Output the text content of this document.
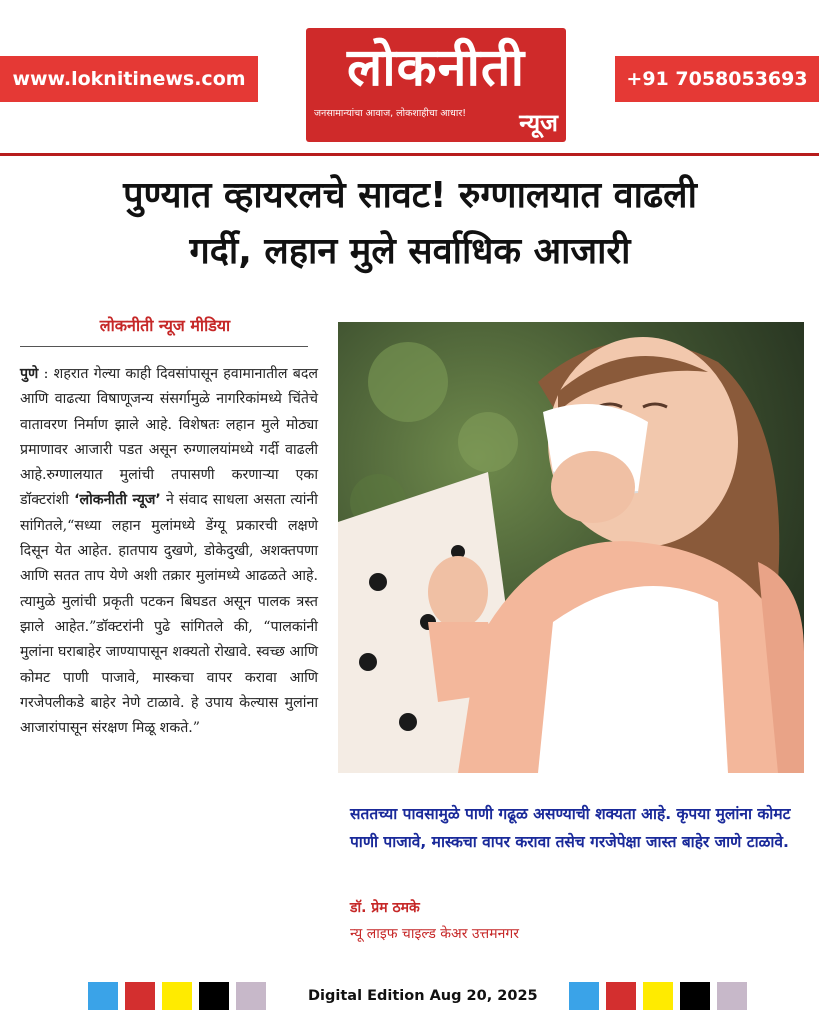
www.loknitinews.com	लोकनीती
जनसामान्यांचा आवाज, लोकशाहीचा आधार! न्यूज
+91 7058053693
पुण्यात व्हायरलचे सावट! रुग्णालयात वाढली
गर्दी, लहान मुले सर्वाधिक आजारी
लोकनीती न्यूज मीडिया
पुणे : शहरात गेल्या काही दिवसांपासून हवामानातील बदल आणि वाढत्या विषाणूजन्य संसर्गामुळे नागरिकांमध्ये चिंतेचे वातावरण निर्माण झाले आहे. विशेषतः लहान मुले मोठ्या प्रमाणावर आजारी पडत असून रुग्णालयांमध्ये गर्दी वाढली आहे.रुग्णालयात मुलांची तपासणी करणाऱ्या एका डॉक्टरांशी ‘लोकनीती न्यूज’ ने संवाद साधला असता त्यांनी सांगितले,“सध्या लहान मुलांमध्ये डेंग्यू प्रकारची लक्षणे दिसून येत आहेत. हातपाय दुखणे, डोकेदुखी, अशक्तपणा आणि सतत ताप येणे अशी तक्रार मुलांमध्ये आढळते आहे. त्यामुळे मुलांची प्रकृती पटकन बिघडत असून पालक त्रस्त झाले आहेत.”डॉक्टरांनी पुढे सांगितले की, “पालकांनी मुलांना घराबाहेर जाण्यापासून शक्यतो रोखावे. स्वच्छ आणि कोमट पाणी पाजावे, मास्कचा वापर करावा आणि गरजेपलीकडे बाहेर नेणे टाळावे. हे उपाय केल्यास मुलांना आजारांपासून संरक्षण मिळू शकते.”
सततच्या पावसामुळे पाणी गढूळ असण्याची शक्यता आहे. कृपया मुलांना कोमट पाणी पाजावे, मास्कचा वापर करावा तसेच गरजेपेक्षा जास्त बाहेर जाणे टाळावे.
डॉ. प्रेम ठमके
न्यू लाइफ चाइल्ड केअर उत्तमनगर
Digital Edition Aug 20, 2025
